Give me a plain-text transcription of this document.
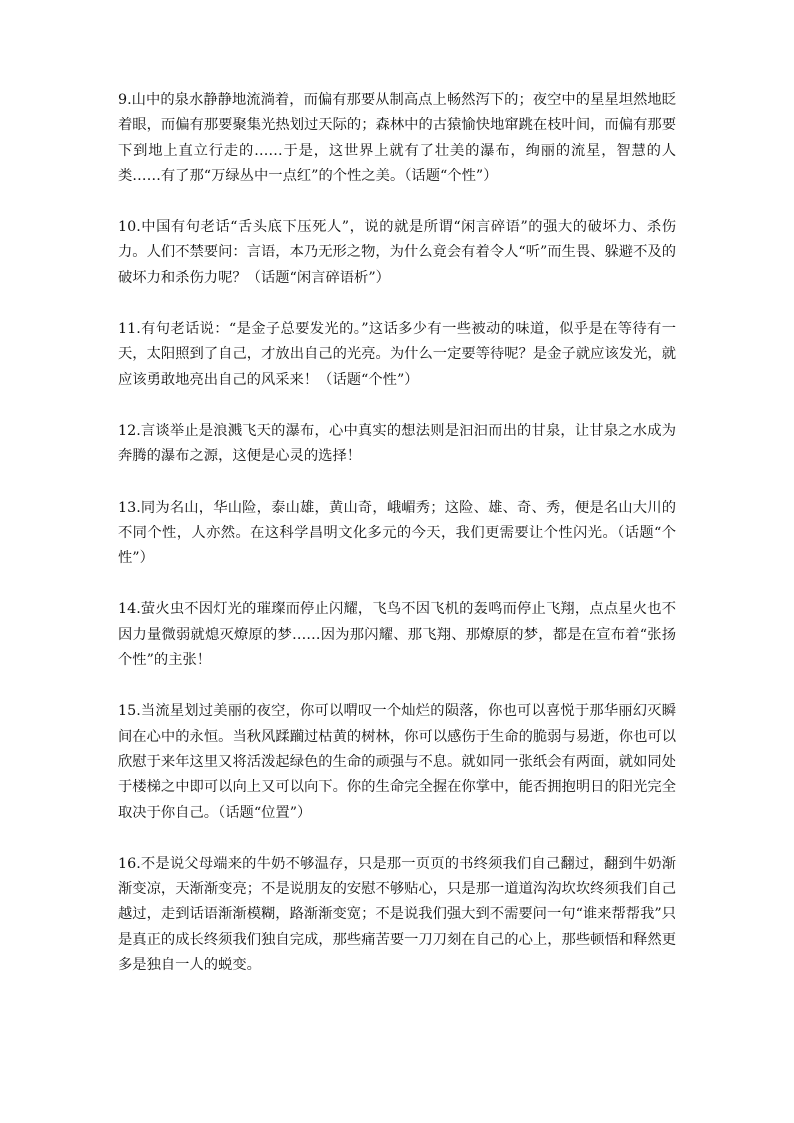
9.山中的泉水静静地流淌着，而偏有那要从制高点上畅然泻下的；夜空中的星星坦然地眨着眼，而偏有那要聚集光热划过天际的；森林中的古猿愉快地窜跳在枝叶间，而偏有那要下到地上直立行走的……于是，这世界上就有了壮美的瀑布，绚丽的流星，智慧的人类……有了那“万绿丛中一点红”的个性之美。（话题“个性”）

10.中国有句老话“舌头底下压死人”，说的就是所谓“闲言碎语”的强大的破坏力、杀伤力。人们不禁要问：言语，本乃无形之物，为什么竟会有着令人“听”而生畏、躲避不及的破坏力和杀伤力呢？（话题“闲言碎语析”）

11.有句老话说：“是金子总要发光的。”这话多少有一些被动的味道，似乎是在等待有一天，太阳照到了自己，才放出自己的光亮。为什么一定要等待呢？是金子就应该发光，就应该勇敢地亮出自己的风采来！（话题“个性”）

12.言谈举止是浪溅飞天的瀑布，心中真实的想法则是汩汩而出的甘泉，让甘泉之水成为奔腾的瀑布之源，这便是心灵的选择！

13.同为名山，华山险，泰山雄，黄山奇，峨嵋秀；这险、雄、奇、秀，便是名山大川的不同个性，人亦然。在这科学昌明文化多元的今天，我们更需要让个性闪光。（话题“个性”）

14.萤火虫不因灯光的璀璨而停止闪耀，飞鸟不因飞机的轰鸣而停止飞翔，点点星火也不因力量微弱就熄灭燎原的梦……因为那闪耀、那飞翔、那燎原的梦，都是在宣布着“张扬个性”的主张！

15.当流星划过美丽的夜空，你可以喟叹一个灿烂的陨落，你也可以喜悦于那华丽幻灭瞬间在心中的永恒。当秋风蹂躏过枯黄的树林，你可以感伤于生命的脆弱与易逝，你也可以欣慰于来年这里又将活泼起绿色的生命的顽强与不息。就如同一张纸会有两面，就如同处于楼梯之中即可以向上又可以向下。你的生命完全握在你掌中，能否拥抱明日的阳光完全取决于你自己。（话题“位置”）

16.不是说父母端来的牛奶不够温存，只是那一页页的书终须我们自己翻过，翻到牛奶渐渐变凉，天渐渐变亮；不是说朋友的安慰不够贴心，只是那一道道沟沟坎坎终须我们自己越过，走到话语渐渐模糊，路渐渐变宽；不是说我们强大到不需要问一句“谁来帮帮我”只是真正的成长终须我们独自完成，那些痛苦要一刀刀刻在自己的心上，那些顿悟和释然更多是独自一人的蜕变。
